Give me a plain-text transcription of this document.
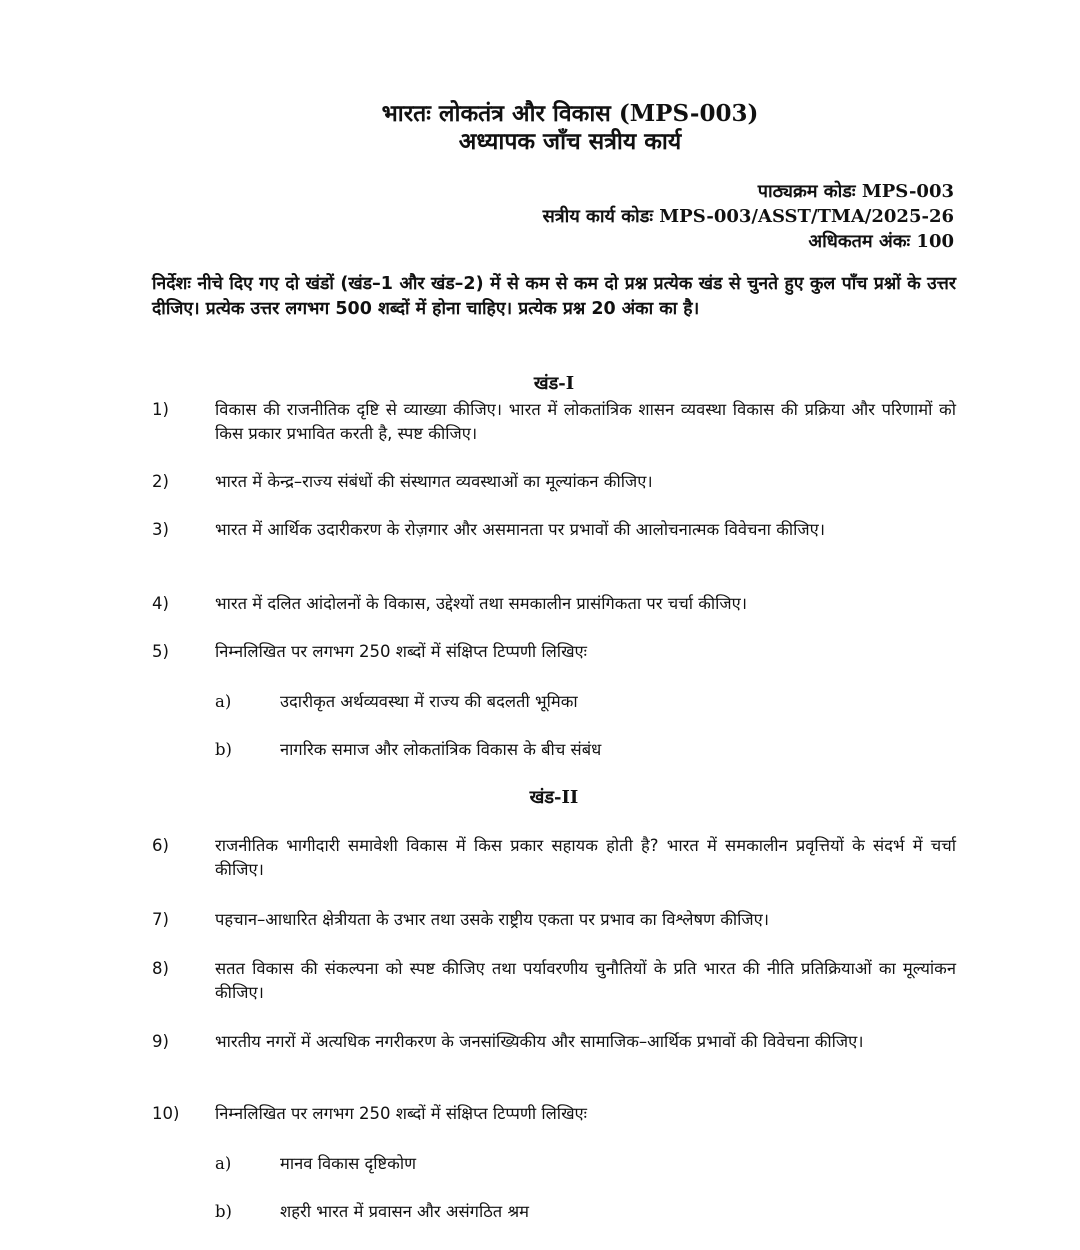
भारतः लोकतंत्र और विकास (MPS-003)
अध्यापक जाँच सत्रीय कार्य
पाठ्यक्रम कोडः MPS-003
सत्रीय कार्य कोडः MPS-003/ASST/TMA/2025-26
अधिकतम अंकः 100
निर्देशः नीचे दिए गए दो खंडों (खंड–1 और खंड–2) में से कम से कम दो प्रश्न प्रत्येक खंड से चुनते हुए कुल पाँच प्रश्नों के उत्तर दीजिए। प्रत्येक उत्तर लगभग 500 शब्दों में होना चाहिए। प्रत्येक प्रश्न 20 अंका का है।
खंड-I
1)	विकास की राजनीतिक दृष्टि से व्याख्या कीजिए। भारत में लोकतांत्रिक शासन व्यवस्था विकास की प्रक्रिया और परिणामों को किस प्रकार प्रभावित करती है, स्पष्ट कीजिए।
2)	भारत में केन्द्र–राज्य संबंधों की संस्थागत व्यवस्थाओं का मूल्यांकन कीजिए।
3)	भारत में आर्थिक उदारीकरण के रोज़गार और असमानता पर प्रभावों की आलोचनात्मक विवेचना कीजिए।
4)	भारत में दलित आंदोलनों के विकास, उद्देश्यों तथा समकालीन प्रासंगिकता पर चर्चा कीजिए।
5)	निम्नलिखित पर लगभग 250 शब्दों में संक्षिप्त टिप्पणी लिखिएः
a)	उदारीकृत अर्थव्यवस्था में राज्य की बदलती भूमिका
b)	नागरिक समाज और लोकतांत्रिक विकास के बीच संबंध
खंड-II
6)	राजनीतिक भागीदारी समावेशी विकास में किस प्रकार सहायक होती है? भारत में समकालीन प्रवृत्तियों के संदर्भ में चर्चा कीजिए।
7)	पहचान–आधारित क्षेत्रीयता के उभार तथा उसके राष्ट्रीय एकता पर प्रभाव का विश्लेषण कीजिए।
8)	सतत विकास की संकल्पना को स्पष्ट कीजिए तथा पर्यावरणीय चुनौतियों के प्रति भारत की नीति प्रतिक्रियाओं का मूल्यांकन कीजिए।
9)	भारतीय नगरों में अत्यधिक नगरीकरण के जनसांख्यिकीय और सामाजिक–आर्थिक प्रभावों की विवेचना कीजिए।
10) निम्नलिखित पर लगभग 250 शब्दों में संक्षिप्त टिप्पणी लिखिएः
a)	मानव विकास दृष्टिकोण
b)	शहरी भारत में प्रवासन और असंगठित श्रम
